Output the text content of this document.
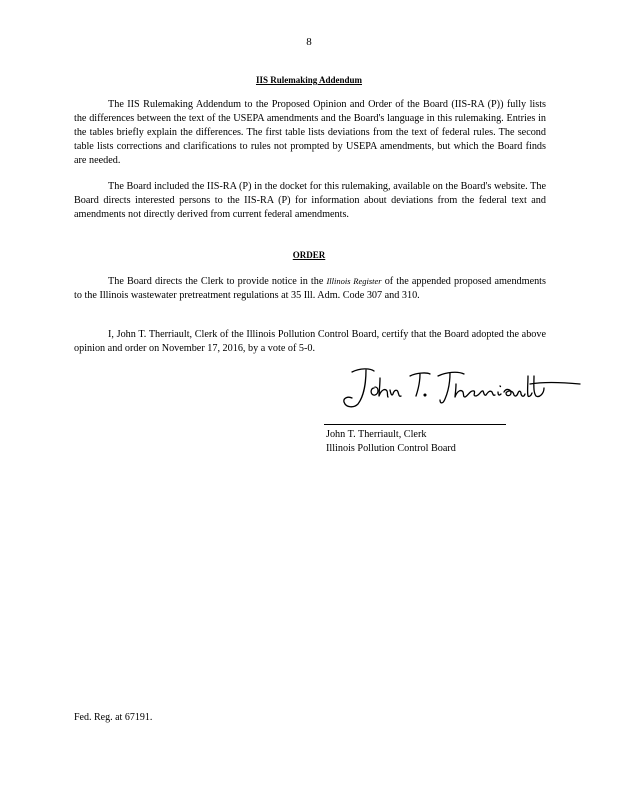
8
IIS Rulemaking Addendum

The IIS Rulemaking Addendum to the Proposed Opinion and Order of the Board (IIS-RA (P)) fully lists the differences between the text of the USEPA amendments and the Board's language in this rulemaking. Entries in the tables briefly explain the differences. The first table lists deviations from the text of federal rules. The second table lists corrections and clarifications to rules not prompted by USEPA amendments, but which the Board finds are needed.

The Board included the IIS-RA (P) in the docket for this rulemaking, available on the Board's website. The Board directs interested persons to the IIS-RA (P) for information about deviations from the federal text and amendments not directly derived from current federal amendments.

ORDER

The Board directs the Clerk to provide notice in the Illinois Register of the appended proposed amendments to the Illinois wastewater pretreatment regulations at 35 Ill. Adm. Code 307 and 310.

I, John T. Therriault, Clerk of the Illinois Pollution Control Board, certify that the Board adopted the above opinion and order on November 17, 2016, by a vote of 5-0.

John T. Therriault, Clerk
Illinois Pollution Control Board
Fed. Reg. at 67191.
